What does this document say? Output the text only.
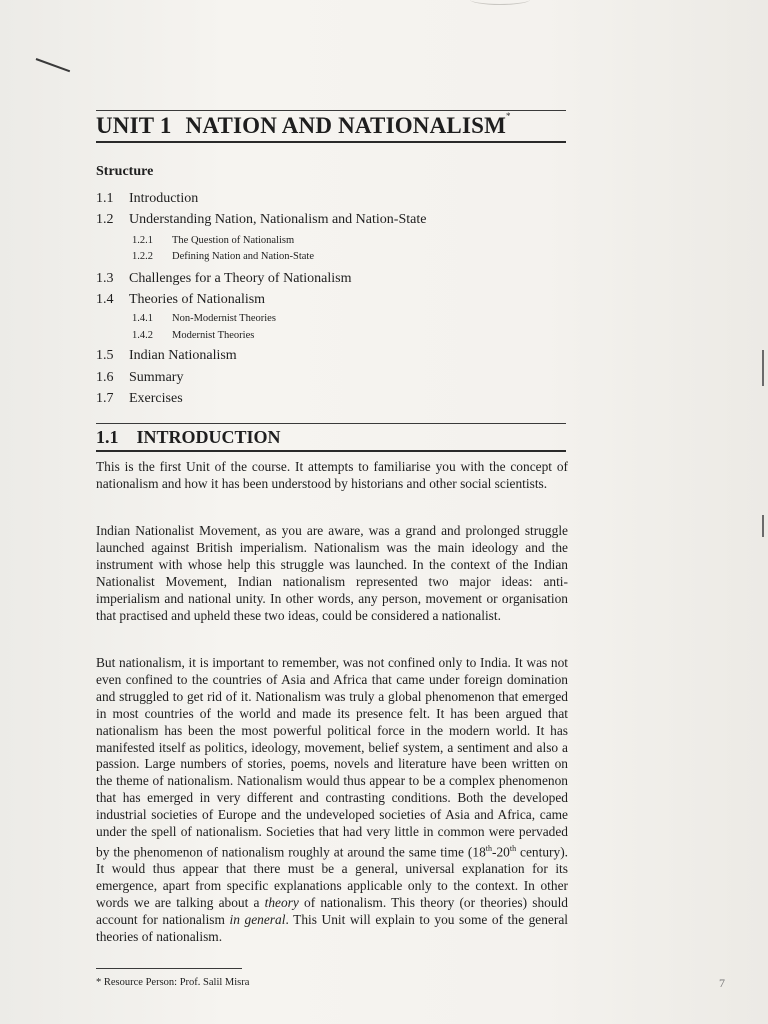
UNIT 1 NATION AND NATIONALISM*
Structure
1.1 Introduction
1.2 Understanding Nation, Nationalism and Nation-State
1.2.1 The Question of Nationalism
1.2.2 Defining Nation and Nation-State
1.3 Challenges for a Theory of Nationalism
1.4 Theories of Nationalism
1.4.1 Non-Modernist Theories
1.4.2 Modernist Theories
1.5 Indian Nationalism
1.6 Summary
1.7 Exercises
1.1 INTRODUCTION

This is the first Unit of the course. It attempts to familiarise you with the concept of nationalism and how it has been understood by historians and other social scientists.

Indian Nationalist Movement, as you are aware, was a grand and prolonged struggle launched against British imperialism. Nationalism was the main ideology and the instrument with whose help this struggle was launched. In the context of the Indian Nationalist Movement, Indian nationalism represented two major ideas: anti-imperialism and national unity. In other words, any person, movement or organisation that practised and upheld these two ideas, could be considered a nationalist.

But nationalism, it is important to remember, was not confined only to India. It was not even confined to the countries of Asia and Africa that came under foreign domination and struggled to get rid of it. Nationalism was truly a global phenomenon that emerged in most countries of the world and made its presence felt. It has been argued that nationalism has been the most powerful political force in the modern world. It has manifested itself as politics, ideology, movement, belief system, a sentiment and also a passion. Large numbers of stories, poems, novels and literature have been written on the theme of nationalism. Nationalism would thus appear to be a complex phenomenon that has emerged in very different and contrasting conditions. Both the developed industrial societies of Europe and the undeveloped societies of Asia and Africa, came under the spell of nationalism. Societies that had very little in common were pervaded by the phenomenon of nationalism roughly at around the same time (18th-20th century). It would thus appear that there must be a general, universal explanation for its emergence, apart from specific explanations applicable only to the context. In other words we are talking about a theory of nationalism. This theory (or theories) should account for nationalism in general. This Unit will explain to you some of the general theories of nationalism.

* Resource Person: Prof. Salil Misra	7
